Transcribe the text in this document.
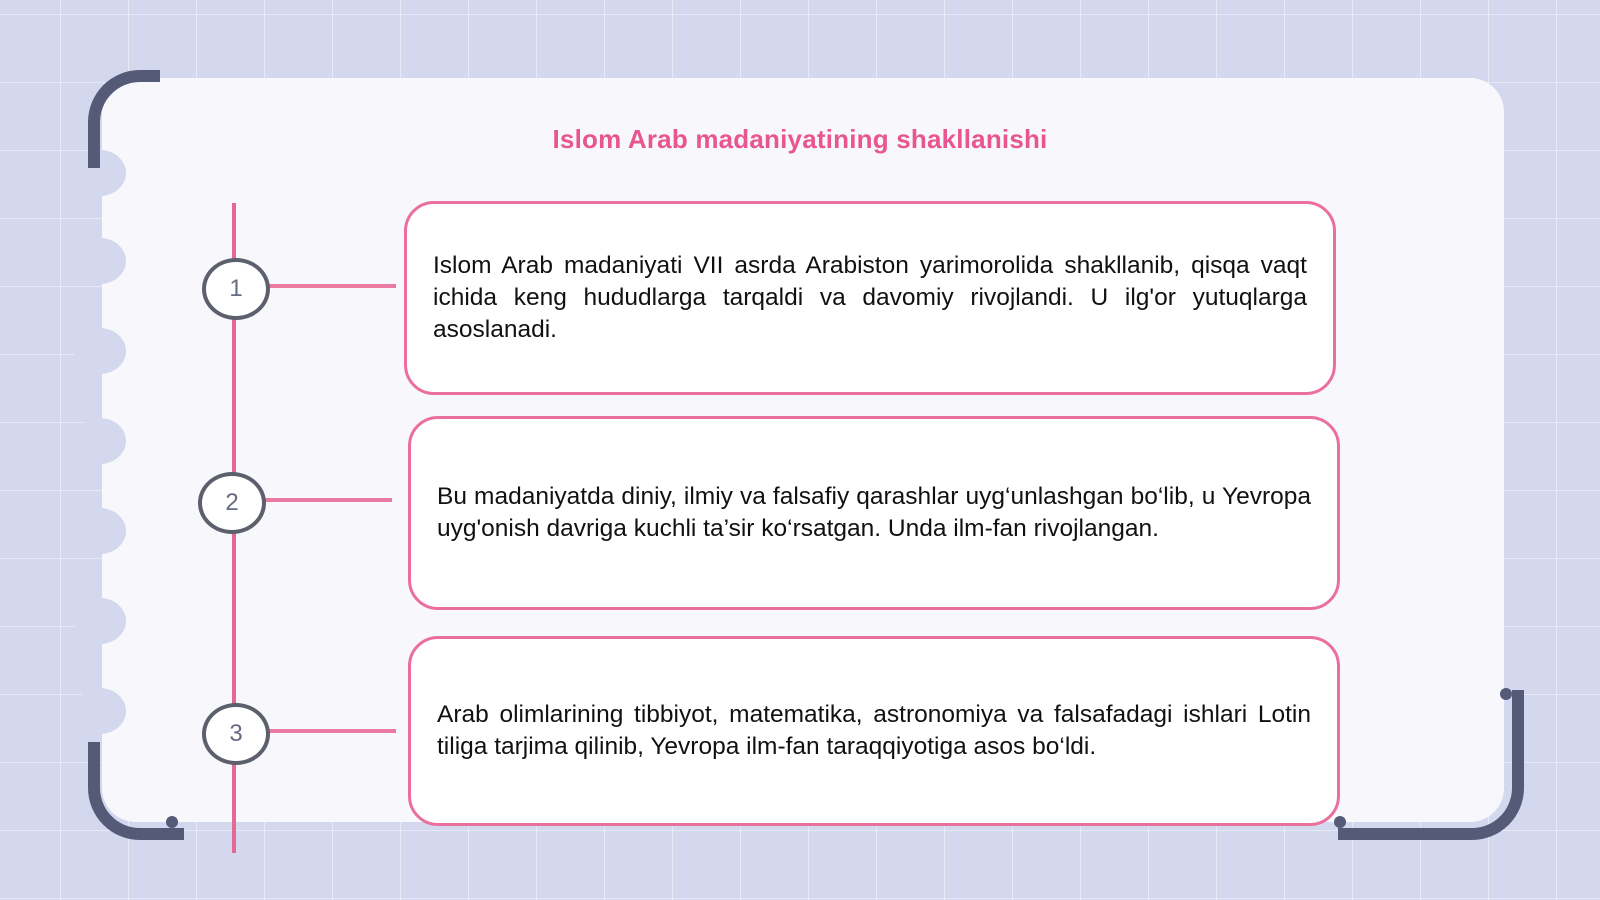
Islom Arab madaniyatining shakllanishi
1

Islom Arab madaniyati VII asrda Arabiston yarimorolida shakllanib, qisqa vaqt ichida keng hududlarga tarqaldi va davomiy rivojlandi. U ilg'or yutuqlarga asoslanadi.

2	Bu madaniyatda diniy, ilmiy va falsafiy qarashlar uyg‘unlashgan bo‘lib, u Yevropa uyg'onish davriga kuchli ta’sir ko‘rsatgan. Unda ilm-fan rivojlangan.

3

Arab olimlarining tibbiyot, matematika, astronomiya va falsafadagi ishlari Lotin tiliga tarjima qilinib, Yevropa ilm-fan taraqqiyotiga asos bo‘ldi.
